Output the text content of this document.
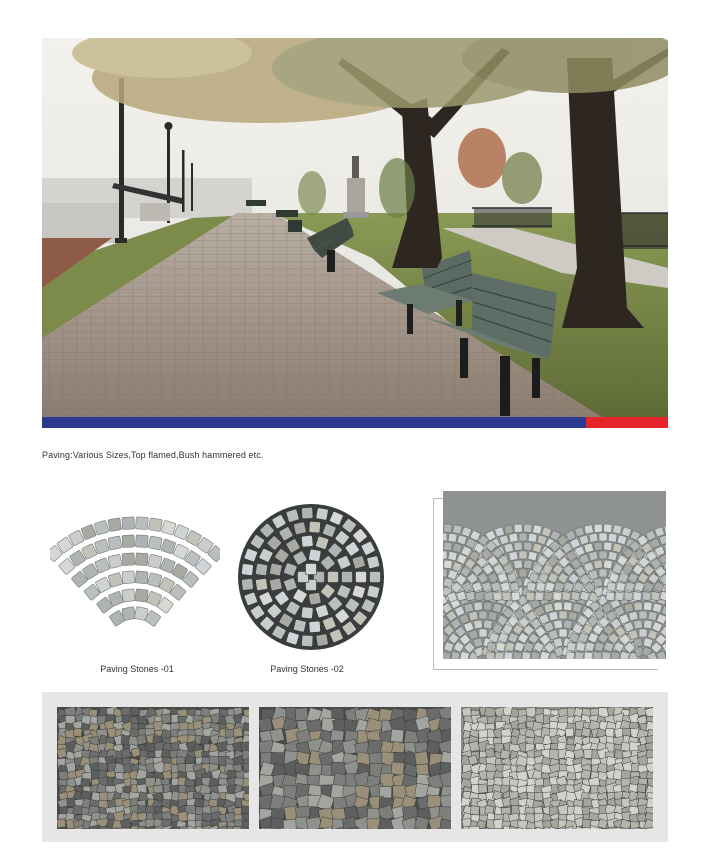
Paving:Various Sizes,Top flamed,Bush hammered etc.
Paving Stones -01	Paving Stones -02
